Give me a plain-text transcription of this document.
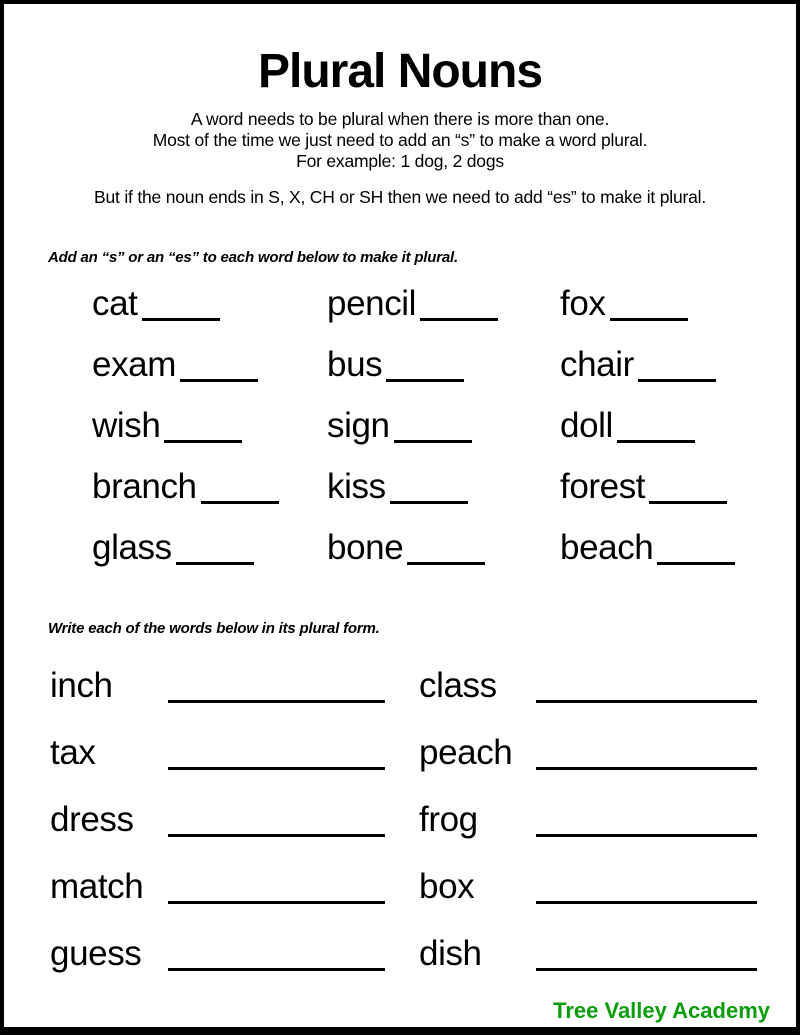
Plural Nouns
A word needs to be plural when there is more than one.
Most of the time we just need to add an “s” to make a word plural.
For example: 1 dog, 2 dogs
But if the noun ends in S, X, CH or SH then we need to add “es” to make it plural.
Add an “s” or an “es” to each word below to make it plural.
cat	pencil	fox
exam	bus	chair
wish	sign	doll
branch	kiss	forest
glass	bone	beach
Write each of the words below in its plural form.
inch	class
tax	peach
dress	frog
match	box
guess	dish
Tree Valley Academy
